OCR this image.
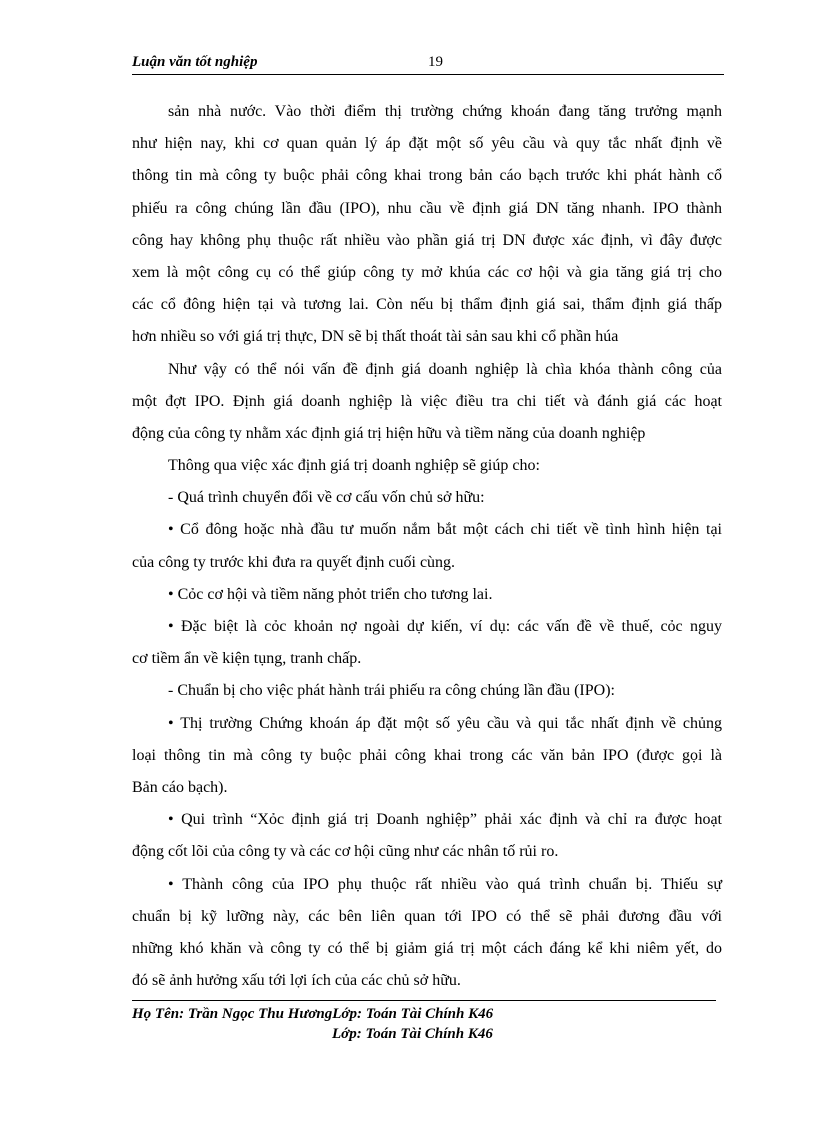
Luận văn tốt nghiệp	19
sản nhà nước. Vào thời điểm thị trường chứng khoán đang tăng trưởng mạnh
như hiện nay, khi cơ quan quản lý áp đặt một số yêu cầu và quy tắc nhất định về
thông tin mà công ty buộc phải công khai trong bản cáo bạch trước khi phát hành cổ
phiếu ra công chúng lần đầu (IPO), nhu cầu về định giá DN tăng nhanh. IPO thành
công hay không phụ thuộc rất nhiều vào phần giá trị DN được xác định, vì đây được
xem là một công cụ có thể giúp công ty mở khúa các cơ hội và gia tăng giá trị cho
các cổ đông hiện tại và tương lai. Còn nếu bị thẩm định giá sai, thẩm định giá thấp
hơn nhiều so với giá trị thực, DN sẽ bị thất thoát tài sản sau khi cổ phần húa
Như vậy có thể nói vấn đề định giá doanh nghiệp là chìa khóa thành công của
một đợt IPO. Định giá doanh nghiệp là việc điều tra chi tiết và đánh giá các hoạt
động của công ty nhằm xác định giá trị hiện hữu và tiềm năng của doanh nghiệp
Thông qua việc xác định giá trị doanh nghiệp sẽ giúp cho:
- Quá trình chuyển đổi về cơ cấu vốn chủ sở hữu:
• Cổ đông hoặc nhà đầu tư muốn nắm bắt một cách chi tiết về tình hình hiện tại
của công ty trước khi đưa ra quyết định cuối cùng.
• Cỏc cơ hội và tiềm năng phỏt triển cho tương lai.
• Đặc biệt là cỏc khoản nợ ngoài dự kiến, ví dụ: các vấn đề về thuế, cỏc nguy
cơ tiềm ẩn về kiện tụng, tranh chấp.
- Chuẩn bị cho việc phát hành trái phiếu ra công chúng lần đầu (IPO):
• Thị trường Chứng khoán áp đặt một số yêu cầu và qui tắc nhất định về chủng
loại thông tin mà công ty buộc phải công khai trong các văn bản IPO (được gọi là
Bản cáo bạch).
• Qui trình “Xỏc định giá trị Doanh nghiệp” phải xác định và chỉ ra được hoạt
động cốt lõi của công ty và các cơ hội cũng như các nhân tố rủi ro.
• Thành công của IPO phụ thuộc rất nhiều vào quá trình chuẩn bị. Thiếu sự
chuẩn bị kỹ lưỡng này, các bên liên quan tới IPO có thể sẽ phải đương đầu với
những khó khăn và công ty có thể bị giảm giá trị một cách đáng kể khi niêm yết, do
đó sẽ ảnh hưởng xấu tới lợi ích của các chủ sở hữu.
Họ Tên: Trần Ngọc Thu HươngLớp: Toán Tài Chính K46
Lớp: Toán Tài Chính K46
